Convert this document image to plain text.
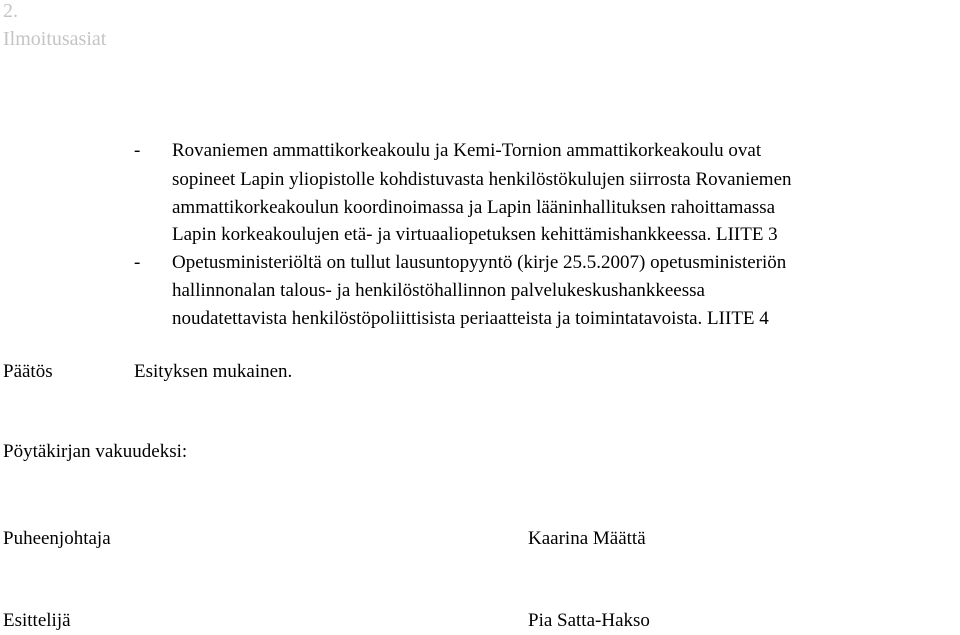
2.
Ilmoitusasiat
- Rovaniemen ammattikorkeakoulu ja Kemi-Tornion ammattikorkeakoulu ovat
sopineet Lapin yliopistolle kohdistuvasta henkilöstökulujen siirrosta Rovaniemen
ammattikorkeakoulun koordinoimassa ja Lapin lääninhallituksen rahoittamassa
Lapin korkeakoulujen etä- ja virtuaaliopetuksen kehittämishankkeessa. LIITE 3
- Opetusministeriöltä on tullut lausuntopyyntö (kirje 25.5.2007) opetusministeriön
hallinnonalan talous- ja henkilöstöhallinnon palvelukeskushankkeessa
noudatettavista henkilöstöpoliittisista periaatteista ja toimintatavoista. LIITE 4
Päätös	Esityksen mukainen.
Pöytäkirjan vakuudeksi:
Puheenjohtaja	Kaarina Määttä
Esittelijä	Pia Satta-Hakso
